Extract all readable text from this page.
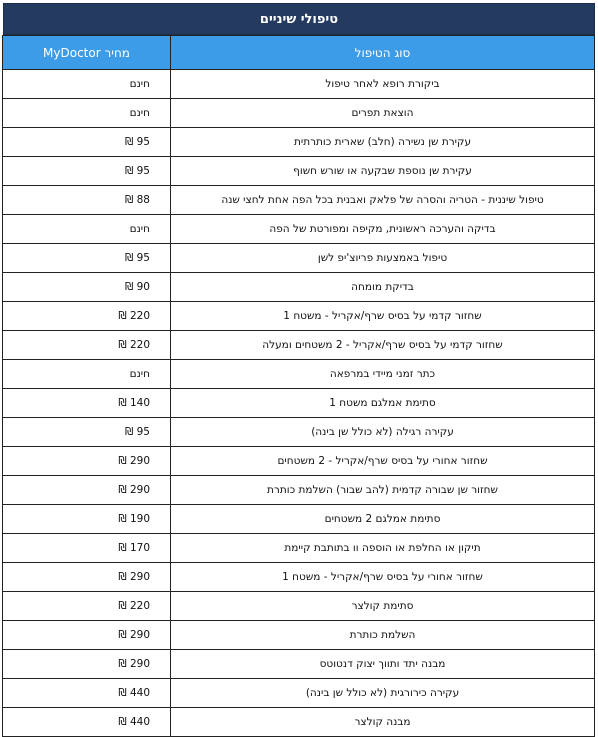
טיפולי שיניים
סוג הטיפול	מחיר MyDoctor
ביקורת רופא לאחר טיפול	חינם
הוצאת תפרים	חינם
עקירת שן נשירה (חלב) שארית כותרתית	95 ₪
עקירת שן נוספת שבקעה או שורש חשוף	95 ₪
טיפול שיננית - הטריה והסרה של פלאק ואבנית בכל הפה אחת לחצי שנה	88 ₪
בדיקה והערכה ראשונית, מקיפה ומפורטת של הפה	חינם
טיפול באמצעות פריוצ'יפ לשן	95 ₪
בדיקת מומחה	90 ₪
שחזור קדמי על בסיס שרף/אקריל - משטח 1	220 ₪
שחזור קדמי על בסיס שרף/אקריל - 2 משטחים ומעלה	220 ₪
כתר זמני מיידי במרפאה	חינם
סתימת אמלגם משטח 1	140 ₪
עקירה רגילה (לא כולל שן בינה)	95 ₪
שחזור אחורי על בסיס שרף/אקריל - 2 משטחים	290 ₪
שחזור שן שבורה קדמית (להב שבור) השלמת כותרת	290 ₪
סתימת אמלגם 2 משטחים	190 ₪
תיקון או החלפת או הוספה וו בתותבת קיימת	170 ₪
שחזור אחורי על בסיס שרף/אקריל - משטח 1	290 ₪
סתימת קולצר	220 ₪
השלמת כותרת	290 ₪
מבנה יתד ותווך יצוק דנטוטס	290 ₪
עקירה כירורגית (לא כולל שן בינה)	440 ₪
מבנה קולצר	440 ₪
